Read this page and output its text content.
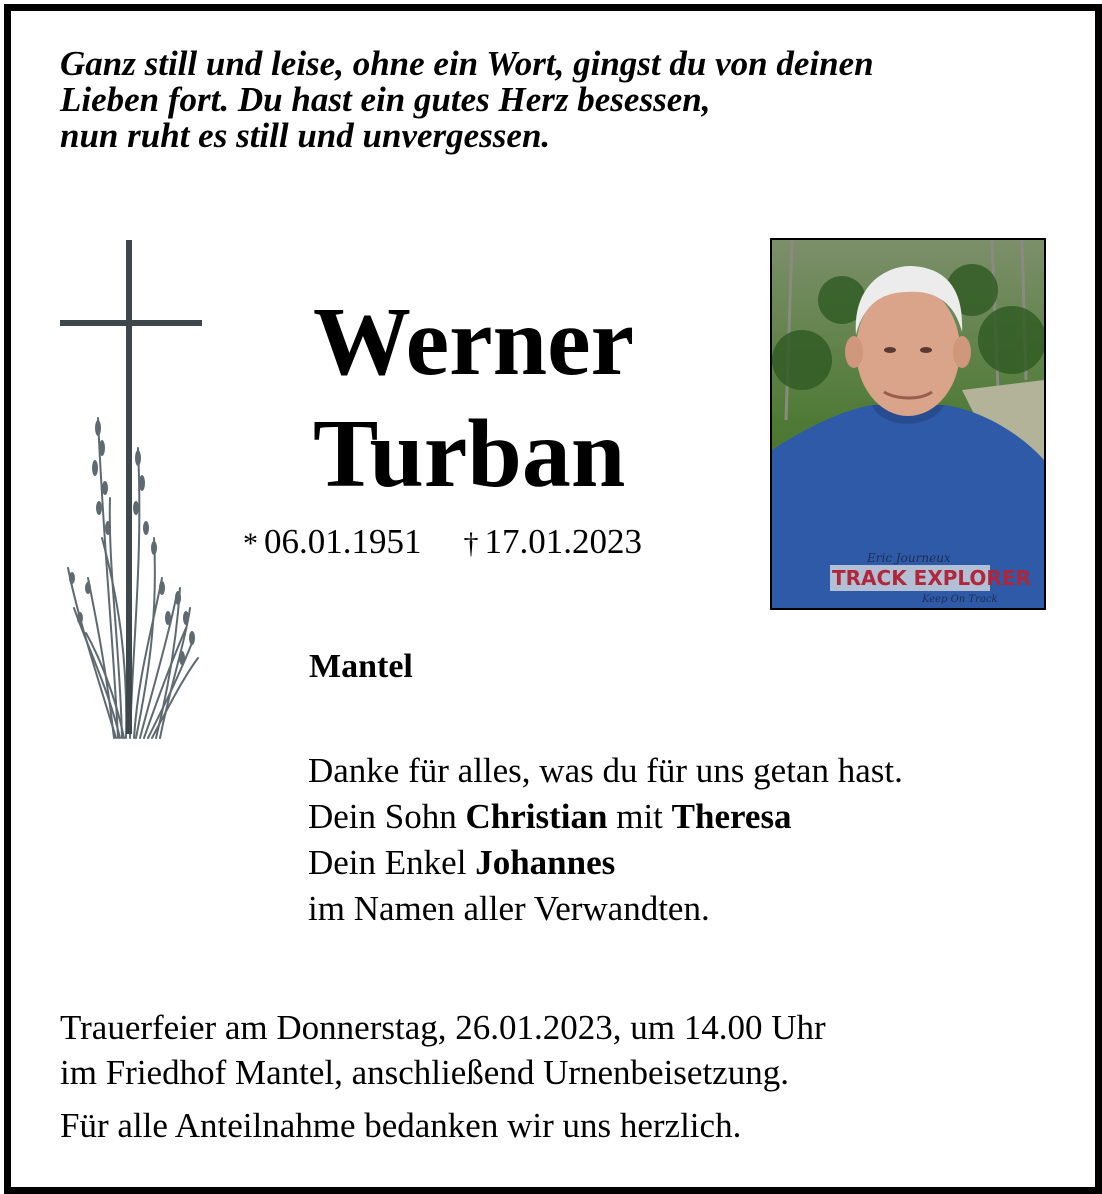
Ganz still und leise, ohne ein Wort, gingst du von deinen
Lieben fort. Du hast ein gutes Herz besessen,
nun ruht es still und unvergessen.
Werner
Turban
* 06.01.1951 † 17.01.2023	Eric Journeux
TRACK EXPLORER
Keep On Track
Mantel
Danke für alles, was du für uns getan hast.
Dein Sohn Christian mit Theresa
Dein Enkel Johannes
im Namen aller Verwandten.
Trauerfeier am Donnerstag, 26.01.2023, um 14.00 Uhr
im Friedhof Mantel, anschließend Urnenbeisetzung.
Für alle Anteilnahme bedanken wir uns herzlich.
